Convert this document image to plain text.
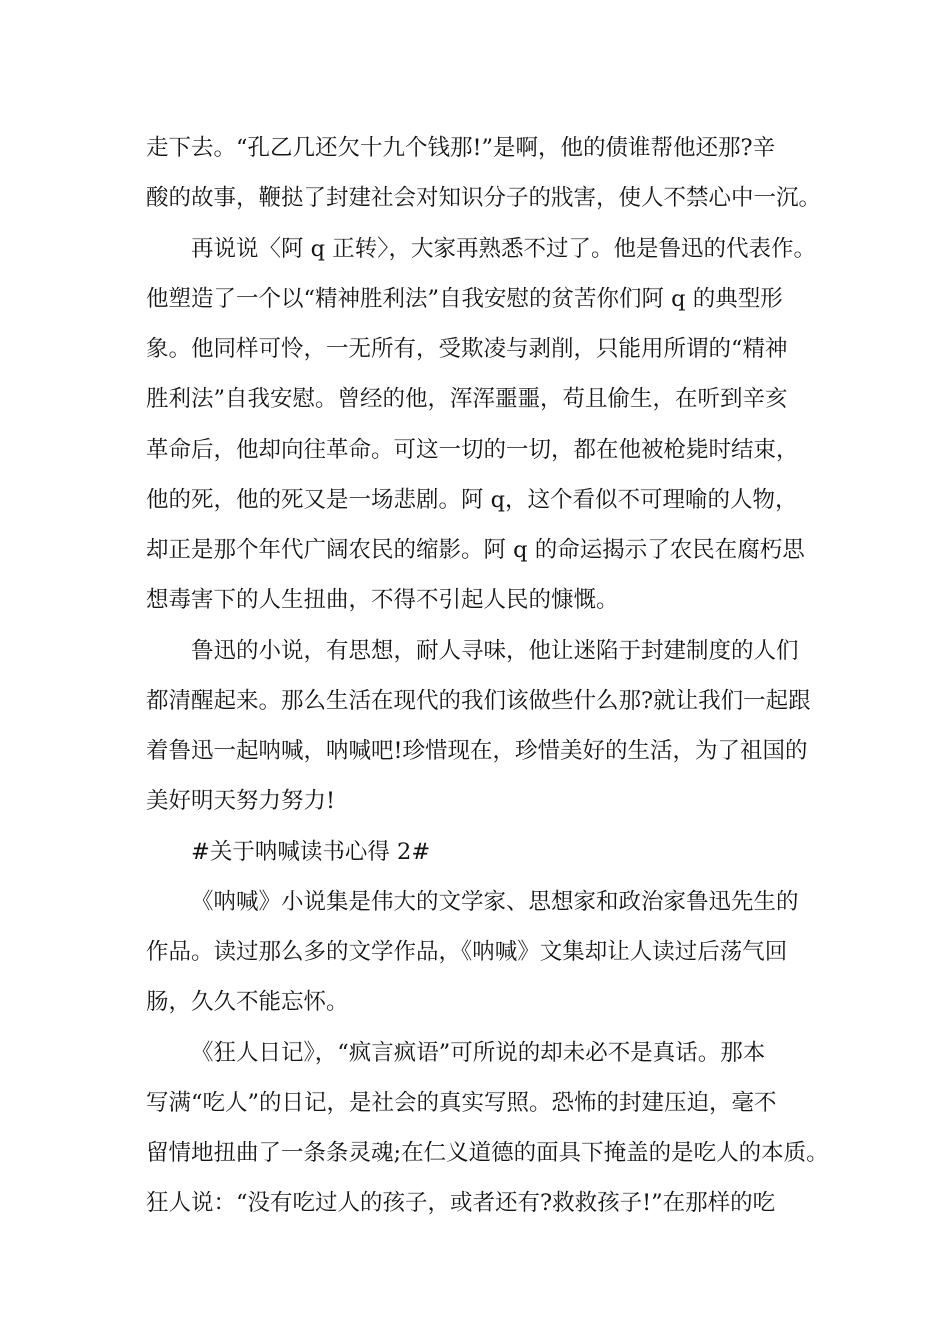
走下去。“孔乙几还欠十九个钱那!”是啊，他的债谁帮他还那?辛
酸的故事，鞭挞了封建社会对知识分子的戕害，使人不禁心中一沉。
再说说〈阿 q 正转〉，大家再熟悉不过了。他是鲁迅的代表作。
他塑造了一个以“精神胜利法”自我安慰的贫苦你们阿 q 的典型形
象。他同样可怜，一无所有，受欺凌与剥削，只能用所谓的“精神
胜利法”自我安慰。曾经的他，浑浑噩噩，苟且偷生，在听到辛亥
革命后，他却向往革命。可这一切的一切，都在他被枪毙时结束，
他的死，他的死又是一场悲剧。阿 q，这个看似不可理喻的人物，
却正是那个年代广阔农民的缩影。阿 q 的命运揭示了农民在腐朽思
想毒害下的人生扭曲，不得不引起人民的慷慨。
鲁迅的小说，有思想，耐人寻味，他让迷陷于封建制度的人们
都清醒起来。那么生活在现代的我们该做些什么那?就让我们一起跟
着鲁迅一起呐喊，呐喊吧!珍惜现在，珍惜美好的生活，为了祖国的
美好明天努力努力!
#关于呐喊读书心得 2#
《呐喊》小说集是伟大的文学家、思想家和政治家鲁迅先生的
作品。读过那么多的文学作品，《呐喊》文集却让人读过后荡气回
肠，久久不能忘怀。
《狂人日记》，“疯言疯语”可所说的却未必不是真话。那本
写满“吃人”的日记，是社会的真实写照。恐怖的封建压迫，毫不
留情地扭曲了一条条灵魂;在仁义道德的面具下掩盖的是吃人的本质。
狂人说：“没有吃过人的孩子，或者还有?救救孩子!”在那样的吃
